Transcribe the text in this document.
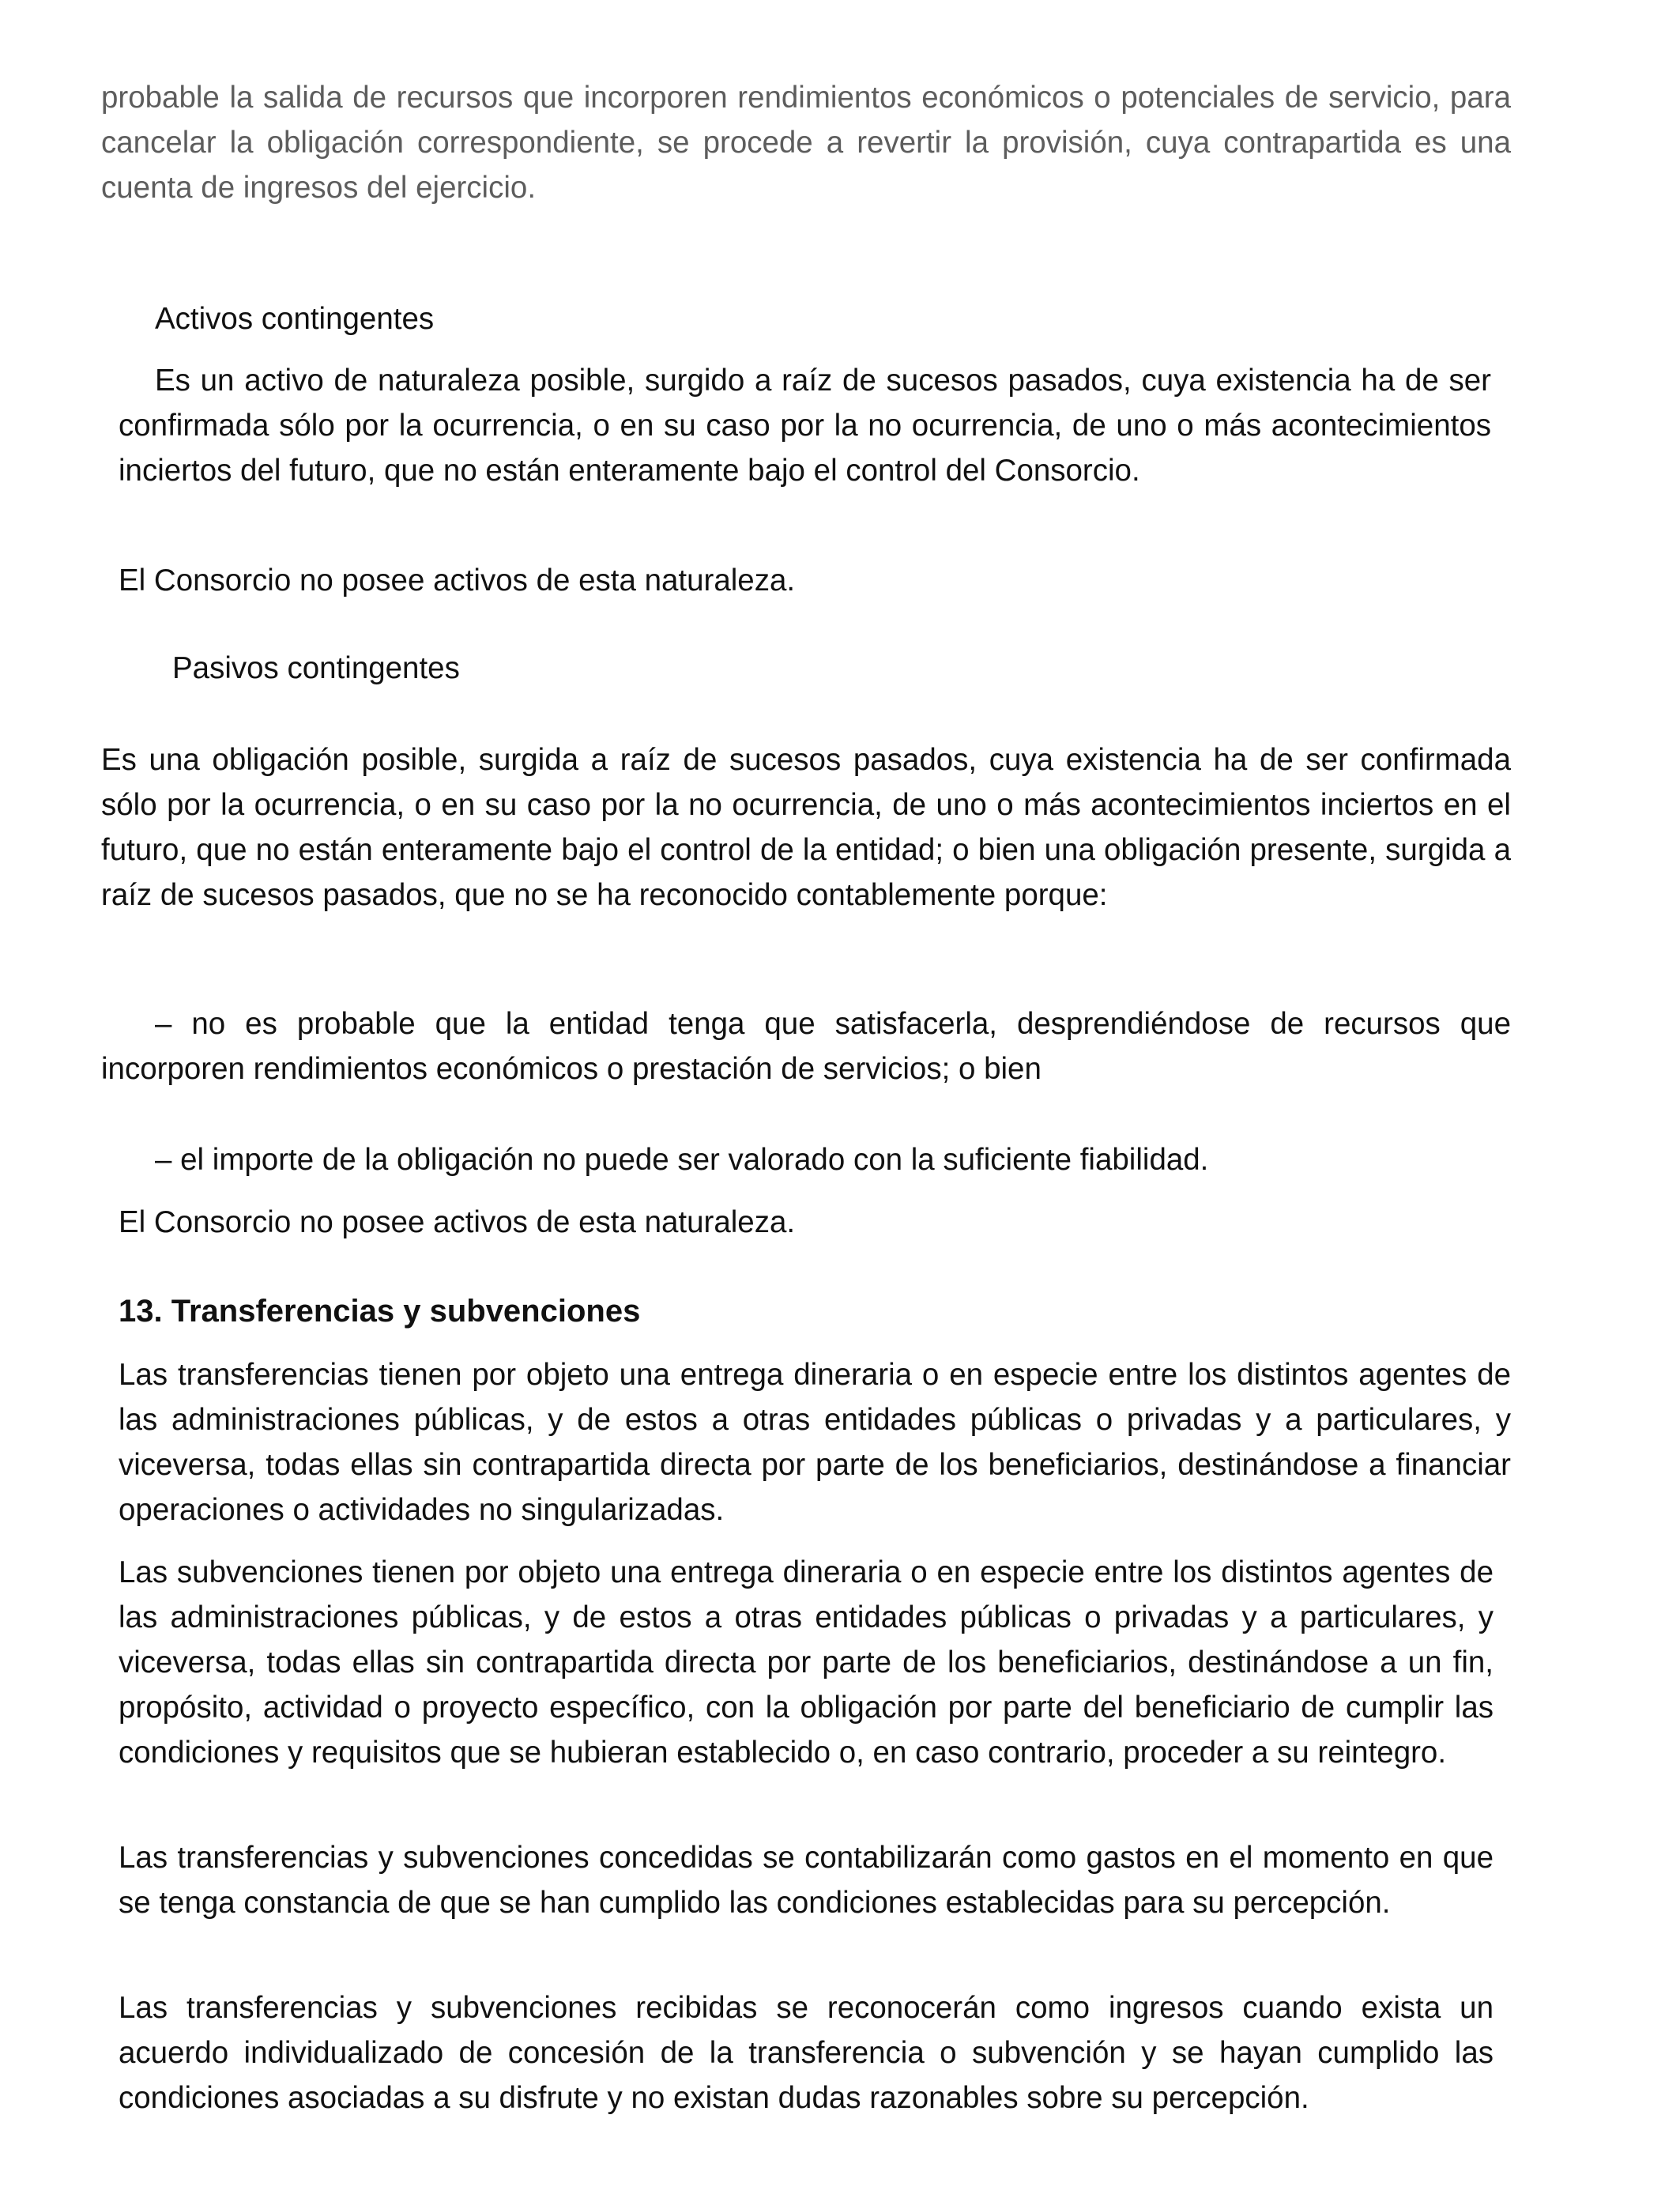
probable la salida de recursos que incorporen rendimientos económicos o potenciales de servicio, para cancelar la obligación correspondiente, se procede a revertir la provisión, cuya contrapartida es una cuenta de ingresos del ejercicio.

Activos contingentes

Es un activo de naturaleza posible, surgido a raíz de sucesos pasados, cuya existencia ha de ser confirmada sólo por la ocurrencia, o en su caso por la no ocurrencia, de uno o más acontecimientos inciertos del futuro, que no están enteramente bajo el control del Consorcio.

El Consorcio no posee activos de esta naturaleza.

Pasivos contingentes

Es una obligación posible, surgida a raíz de sucesos pasados, cuya existencia ha de ser confirmada sólo por la ocurrencia, o en su caso por la no ocurrencia, de uno o más acontecimientos inciertos en el futuro, que no están enteramente bajo el control de la entidad; o bien una obligación presente, surgida a raíz de sucesos pasados, que no se ha reconocido contablemente porque:

– no es probable que la entidad tenga que satisfacerla, desprendiéndose de recursos que incorporen rendimientos económicos o prestación de servicios; o bien

– el importe de la obligación no puede ser valorado con la suficiente fiabilidad.

El Consorcio no posee activos de esta naturaleza.

13. Transferencias y subvenciones

Las transferencias tienen por objeto una entrega dineraria o en especie entre los distintos agentes de las administraciones públicas, y de estos a otras entidades públicas o privadas y a particulares, y viceversa, todas ellas sin contrapartida directa por parte de los beneficiarios, destinándose a financiar operaciones o actividades no singularizadas.

Las subvenciones tienen por objeto una entrega dineraria o en especie entre los distintos agentes de las administraciones públicas, y de estos a otras entidades públicas o privadas y a particulares, y viceversa, todas ellas sin contrapartida directa por parte de los beneficiarios, destinándose a un fin, propósito, actividad o proyecto específico, con la obligación por parte del beneficiario de cumplir las condiciones y requisitos que se hubieran establecido o, en caso contrario, proceder a su reintegro.

Las transferencias y subvenciones concedidas se contabilizarán como gastos en el momento en que se tenga constancia de que se han cumplido las condiciones establecidas para su percepción.

Las transferencias y subvenciones recibidas se reconocerán como ingresos cuando exista un acuerdo individualizado de concesión de la transferencia o subvención y se hayan cumplido las condiciones asociadas a su disfrute y no existan dudas razonables sobre su percepción.
